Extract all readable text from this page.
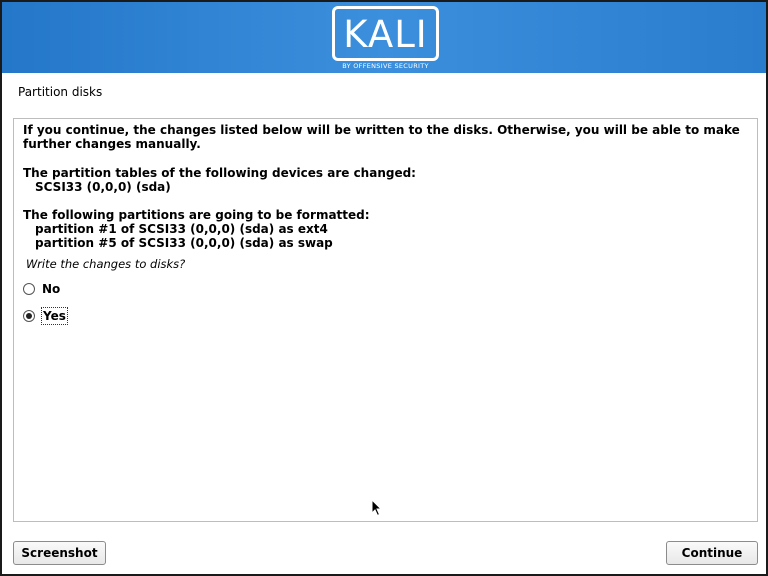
KALI
BY OFFENSIVE SECURITY
Partition disks
If you continue, the changes listed below will be written to the disks. Otherwise, you will be able to make further changes manually.
The partition tables of the following devices are changed:
SCSI33 (0,0,0) (sda)
The following partitions are going to be formatted:
partition #1 of SCSI33 (0,0,0) (sda) as ext4
partition #5 of SCSI33 (0,0,0) (sda) as swap
Write the changes to disks?
No
Yes
Screenshot	Continue
